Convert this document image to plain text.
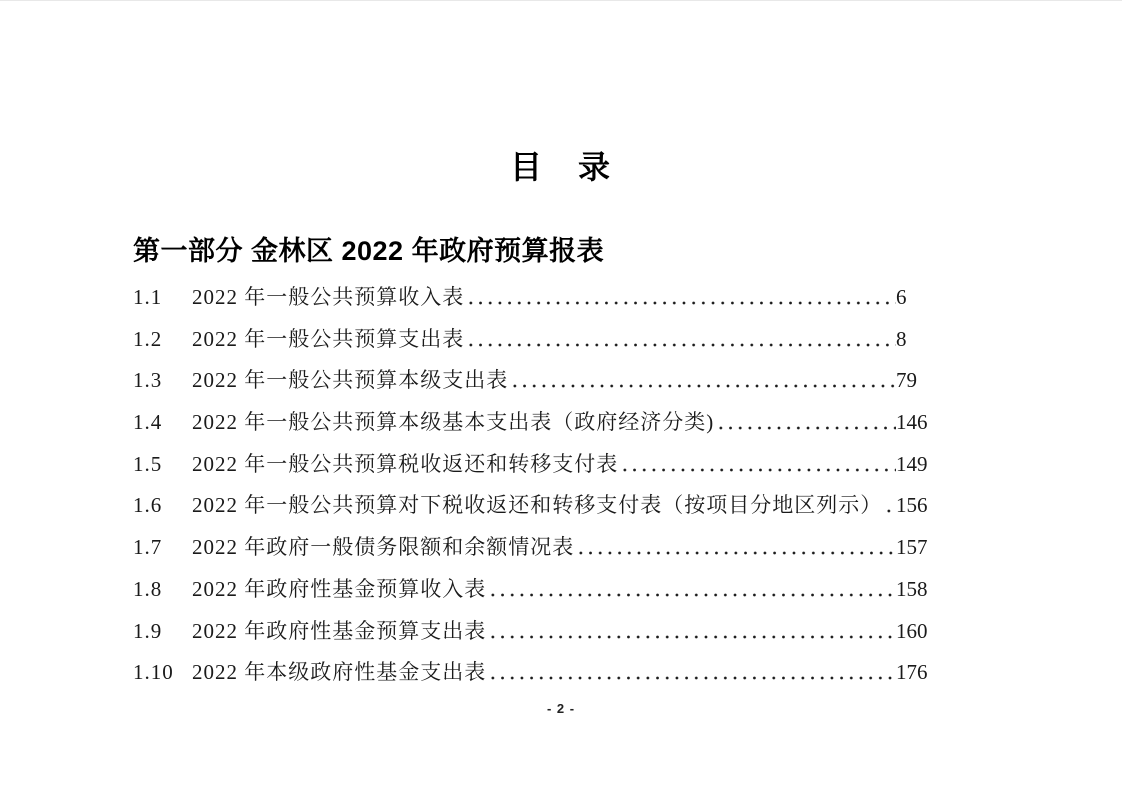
目　录
第一部分 金林区 2022 年政府预算报表
1.1	2022 年一般公共预算收入表	6
1.2	2022 年一般公共预算支出表	8
1.3	2022 年一般公共预算本级支出表	79
1.4	2022 年一般公共预算本级基本支出表（政府经济分类)	146
1.5	2022 年一般公共预算税收返还和转移支付表	149
1.6	2022 年一般公共预算对下税收返还和转移支付表（按项目分地区列示） 156
1.7	2022 年政府一般债务限额和余额情况表	157
1.8	2022 年政府性基金预算收入表	158
1.9	2022 年政府性基金预算支出表	160
1.10 2022 年本级政府性基金支出表	176
- 2 -
